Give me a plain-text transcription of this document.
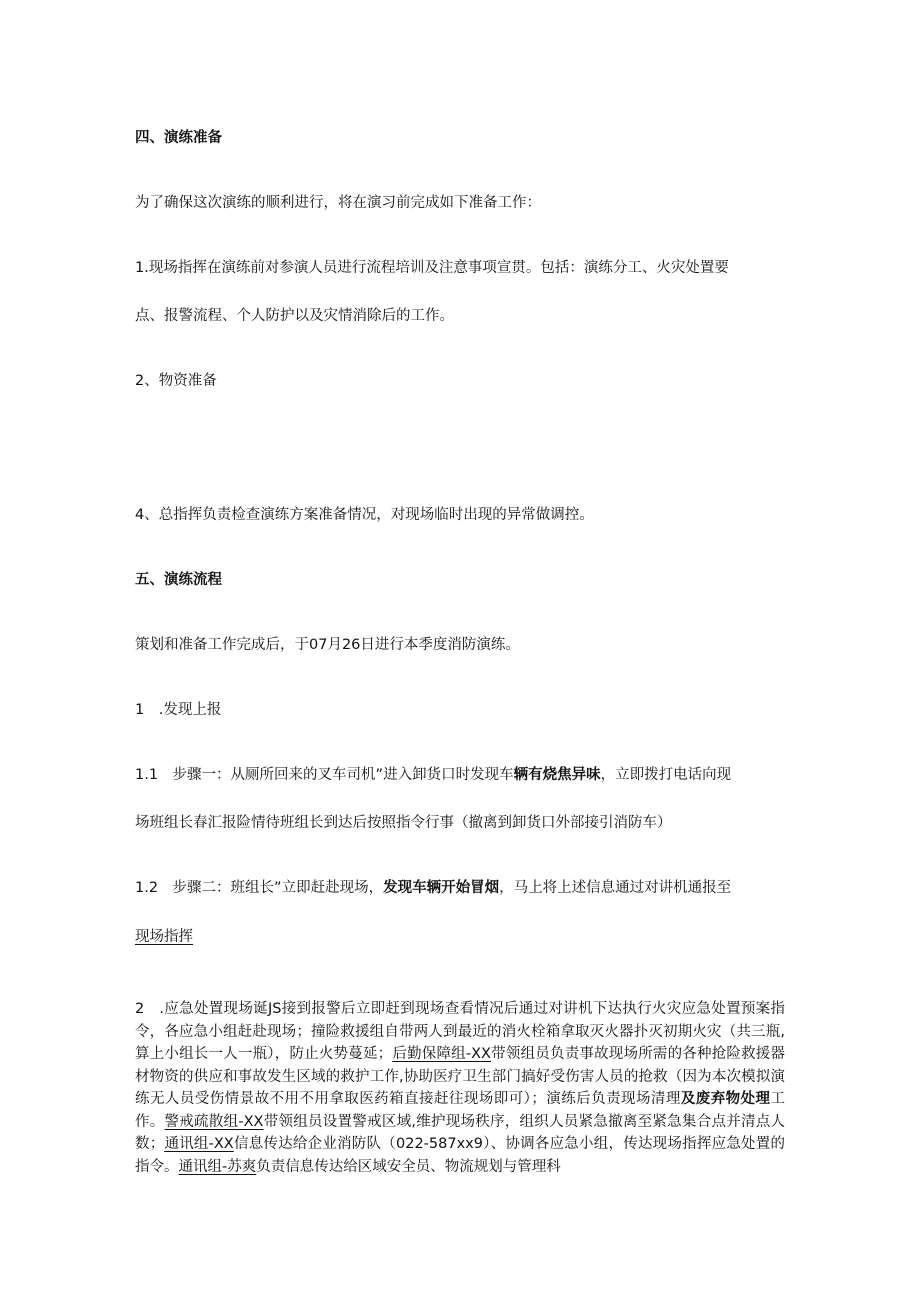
四、演练准备

为了确保这次演练的顺利进行，将在演习前完成如下准备工作：

1.现场指挥在演练前对参演人员进行流程培训及注意事项宣贯。包括：演练分工、火灾处置要

点、报警流程、个人防护以及灾情消除后的工作。

2、物资准备

4、总指挥负责检查演练方案准备情况，对现场临时出现的异常做调控。

五、演练流程

策划和准备工作完成后，于07月26日进行本季度消防演练。

1　.发现上报

1.1　步骤一：从厕所回来的叉车司机”进入卸货口时发现车辆有烧焦异味，立即拨打电话向现

场班组长春汇报险情待班组长到达后按照指令行事（撤离到卸货口外部接引消防车）

1.2　步骤二：班组长”立即赶赴现场，发现车辆开始冒烟，马上将上述信息通过对讲机通报至

现场指挥

2　.应急处置现场诞JS接到报警后立即赶到现场查看情况后通过对讲机下达执行火灾应急处置预案指令，各应急小组赶赴现场；撞险救援组自带两人到最近的消火栓箱拿取灭火器扑灭初期火灾（共三瓶,算上小组长一人一瓶），防止火势蔓延；后勤保障组-XX带领组员负责事故现场所需的各种抢险救援器材物资的供应和事故发生区域的救护工作,协助医疗卫生部门搞好受伤害人员的抢救（因为本次模拟演练无人员受伤情景故不用不用拿取医药箱直接赶往现场即可）；演练后负责现场清理及废弃物处理工作。警戒疏散组-XX带领组员设置警戒区域,维护现场秩序，组织人员紧急撤离至紧急集合点并清点人数；通讯组-XX信息传达给企业消防队（022-587xx9）、协调各应急小组，传达现场指挥应急处置的指令。通讯组-苏爽负责信息传达给区域安全员、物流规划与管理科
